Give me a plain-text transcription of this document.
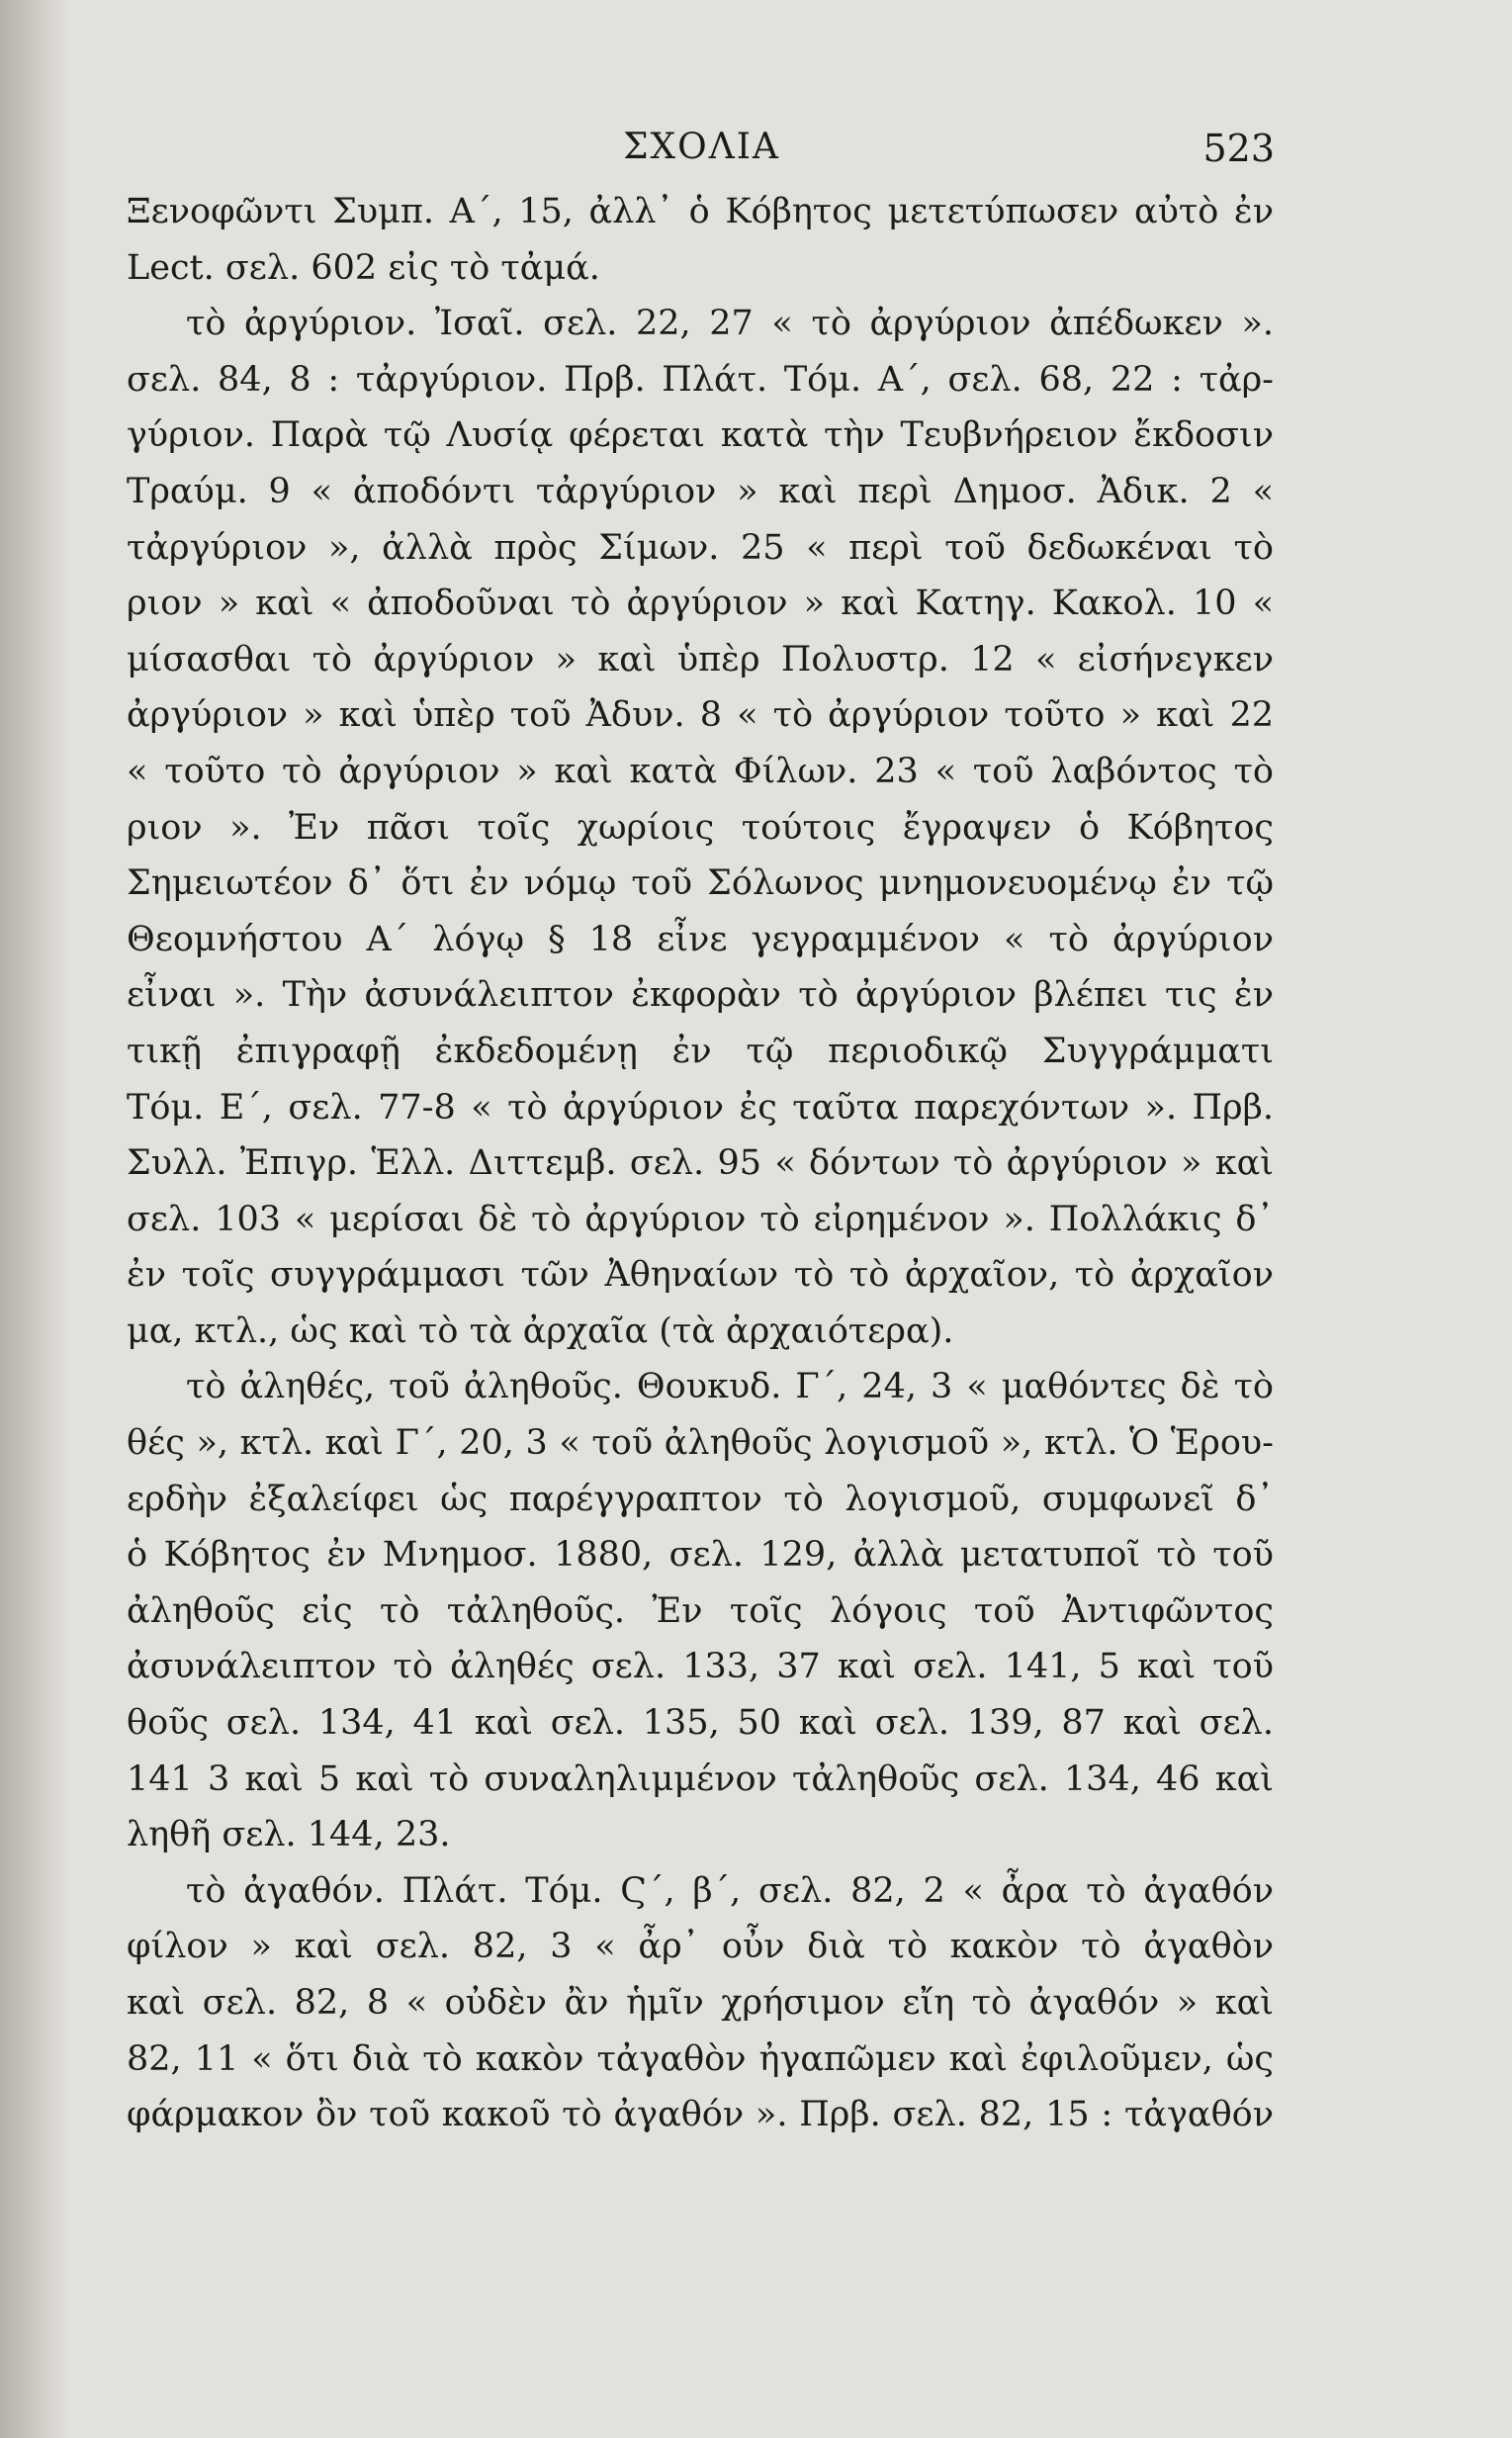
ΣΧΟΛΙΑ	523
Ξενοφῶντι Συμπ. Α΄, 15, ἀλλ᾽ ὁ Κόβητος μετετύπωσεν αὐτὸ ἐν
Lect. σελ. 602 εἰς τὸ τἀμά.
τὸ ἀργύριον. Ἰσαῖ. σελ. 22, 27 « τὸ ἀργύριον ἀπέδωκεν ».
σελ. 84, 8 : τἀργύριον. Πρβ. Πλάτ. Τόμ. Α΄, σελ. 68, 22 : τἀρ-
γύριον. Παρὰ τῷ Λυσίᾳ φέρεται κατὰ τὴν Τευβνήρειον ἔκδοσιν
Τραύμ. 9 « ἀποδόντι τἀργύριον » καὶ περὶ Δημοσ. Ἀδικ. 2 «
τἀργύριον », ἀλλὰ πρὸς Σίμων. 25 « περὶ τοῦ δεδωκέναι τὸ
ριον » καὶ « ἀποδοῦναι τὸ ἀργύριον » καὶ Κατηγ. Κακολ. 10 «
μίσασθαι τὸ ἀργύριον » καὶ ὑπὲρ Πολυστρ. 12 « εἰσήνεγκεν
ἀργύριον » καὶ ὑπὲρ τοῦ Ἀδυν. 8 « τὸ ἀργύριον τοῦτο » καὶ 22
« τοῦτο τὸ ἀργύριον » καὶ κατὰ Φίλων. 23 « τοῦ λαβόντος τὸ
ριον ». Ἐν πᾶσι τοῖς χωρίοις τούτοις ἔγραψεν ὁ Κόβητος
Σημειωτέον δ᾽ ὅτι ἐν νόμῳ τοῦ Σόλωνος μνημονευομένῳ ἐν τῷ
Θεομνήστου Α΄ λόγῳ § 18 εἶνε γεγραμμένον « τὸ ἀργύριον
εἶναι ». Τὴν ἀσυνάλειπτον ἐκφορὰν τὸ ἀργύριον βλέπει τις ἐν
τικῇ ἐπιγραφῇ ἐκδεδομένῃ ἐν τῷ περιοδικῷ Συγγράμματι
Τόμ. Ε΄, σελ. 77-8 « τὸ ἀργύριον ἐς ταῦτα παρεχόντων ». Πρβ.
Συλλ. Ἐπιγρ. Ἑλλ. Διττεμβ. σελ. 95 « δόντων τὸ ἀργύριον » καὶ
σελ. 103 « μερίσαι δὲ τὸ ἀργύριον τὸ εἰρημένον ». Πολλάκις δ᾽
ἐν τοῖς συγγράμμασι τῶν Ἀθηναίων τὸ τὸ ἀρχαῖον, τὸ ἀρχαῖον
μα, κτλ., ὡς καὶ τὸ τὰ ἀρχαῖα (τὰ ἀρχαιότερα).
τὸ ἀληθές, τοῦ ἀληθοῦς. Θουκυδ. Γ΄, 24, 3 « μαθόντες δὲ τὸ
θές », κτλ. καὶ Γ΄, 20, 3 « τοῦ ἀληθοῦς λογισμοῦ », κτλ. Ὁ Ἑρου-
ερδὴν ἐξαλείφει ὡς παρέγγραπτον τὸ λογισμοῦ, συμφωνεῖ δ᾽
ὁ Κόβητος ἐν Μνημοσ. 1880, σελ. 129, ἀλλὰ μετατυποῖ τὸ τοῦ
ἀληθοῦς εἰς τὸ τἀληθοῦς. Ἐν τοῖς λόγοις τοῦ Ἀντιφῶντος
ἀσυνάλειπτον τὸ ἀληθές σελ. 133, 37 καὶ σελ. 141, 5 καὶ τοῦ
θοῦς σελ. 134, 41 καὶ σελ. 135, 50 καὶ σελ. 139, 87 καὶ σελ.
141 3 καὶ 5 καὶ τὸ συναληλιμμένον τἀληθοῦς σελ. 134, 46 καὶ
ληθῆ σελ. 144, 23.
τὸ ἀγαθόν. Πλάτ. Τόμ. Ϛ΄, β΄, σελ. 82, 2 « ἆρα τὸ ἀγαθόν
φίλον » καὶ σελ. 82, 3 « ἆρ᾽ οὖν διὰ τὸ κακὸν τὸ ἀγαθὸν
καὶ σελ. 82, 8 « οὐδὲν ἂν ἡμῖν χρήσιμον εἴη τὸ ἀγαθόν » καὶ
82, 11 « ὅτι διὰ τὸ κακὸν τἀγαθὸν ἠγαπῶμεν καὶ ἐφιλοῦμεν, ὡς
φάρμακον ὂν τοῦ κακοῦ τὸ ἀγαθόν ». Πρβ. σελ. 82, 15 : τἀγαθόν
